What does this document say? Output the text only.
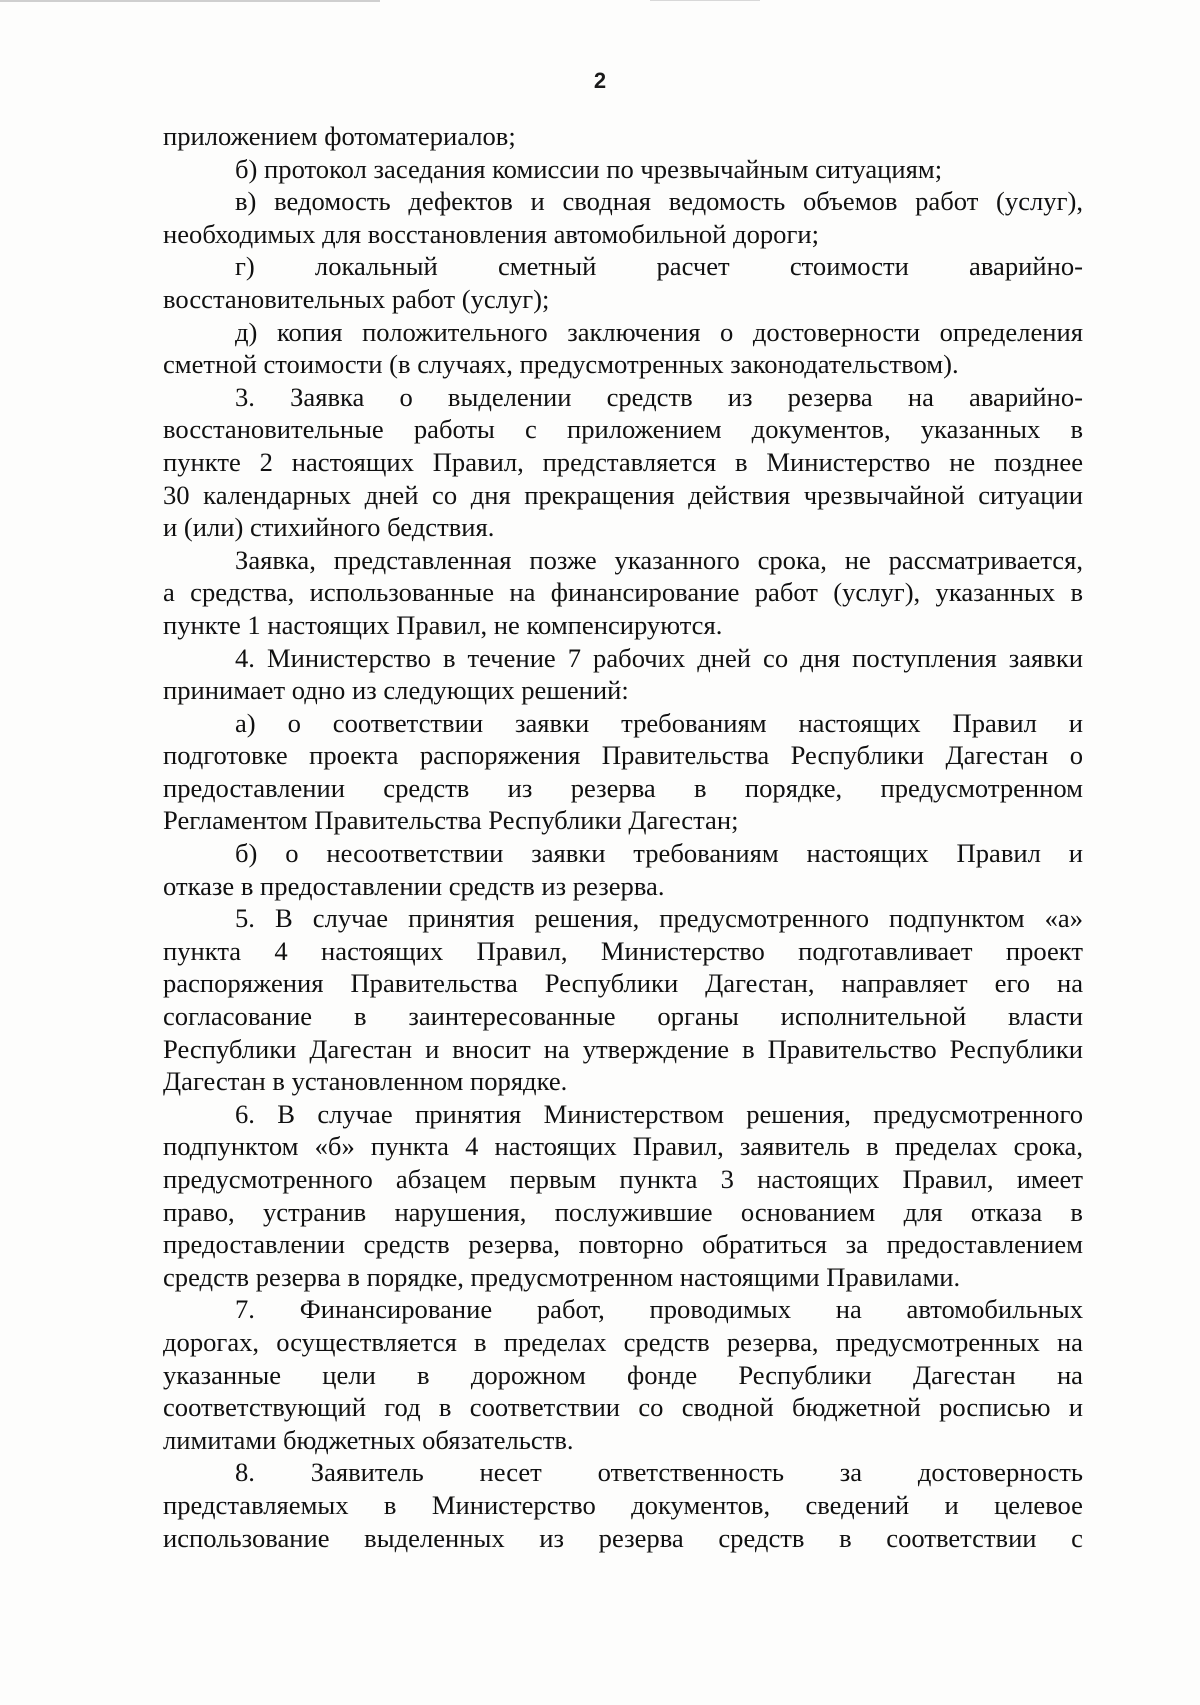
2
приложением фотоматериалов;
б) протокол заседания комиссии по чрезвычайным ситуациям;
в) ведомость дефектов и сводная ведомость объемов работ (услуг),
необходимых для восстановления автомобильной дороги;
г) локальный сметный расчет стоимости аварийно-
восстановительных работ (услуг);
д) копия положительного заключения о достоверности определения
сметной стоимости (в случаях, предусмотренных законодательством).
3. Заявка о выделении средств из резерва на аварийно-
восстановительные работы с приложением документов, указанных в
пункте 2 настоящих Правил, представляется в Министерство не позднее
30 календарных дней со дня прекращения действия чрезвычайной ситуации
и (или) стихийного бедствия.
Заявка, представленная позже указанного срока, не рассматривается,
а средства, использованные на финансирование работ (услуг), указанных в
пункте 1 настоящих Правил, не компенсируются.
4. Министерство в течение 7 рабочих дней со дня поступления заявки
принимает одно из следующих решений:
а) о соответствии заявки требованиям настоящих Правил и
подготовке проекта распоряжения Правительства Республики Дагестан о
предоставлении средств из резерва в порядке, предусмотренном
Регламентом Правительства Республики Дагестан;
б) о несоответствии заявки требованиям настоящих Правил и
отказе в предоставлении средств из резерва.
5. В случае принятия решения, предусмотренного подпунктом «а»
пункта 4 настоящих Правил, Министерство подготавливает проект
распоряжения Правительства Республики Дагестан, направляет его на
согласование в заинтересованные органы исполнительной власти
Республики Дагестан и вносит на утверждение в Правительство Республики
Дагестан в установленном порядке.
6. В случае принятия Министерством решения, предусмотренного
подпунктом «б» пункта 4 настоящих Правил, заявитель в пределах срока,
предусмотренного абзацем первым пункта 3 настоящих Правил, имеет
право, устранив нарушения, послужившие основанием для отказа в
предоставлении средств резерва, повторно обратиться за предоставлением
средств резерва в порядке, предусмотренном настоящими Правилами.
7. Финансирование работ, проводимых на автомобильных
дорогах, осуществляется в пределах средств резерва, предусмотренных на
указанные цели в дорожном фонде Республики Дагестан на
соответствующий год в соответствии со сводной бюджетной росписью и
лимитами бюджетных обязательств.
8. Заявитель несет ответственность за достоверность
представляемых в Министерство документов, сведений и целевое
использование выделенных из резерва средств в соответствии с
